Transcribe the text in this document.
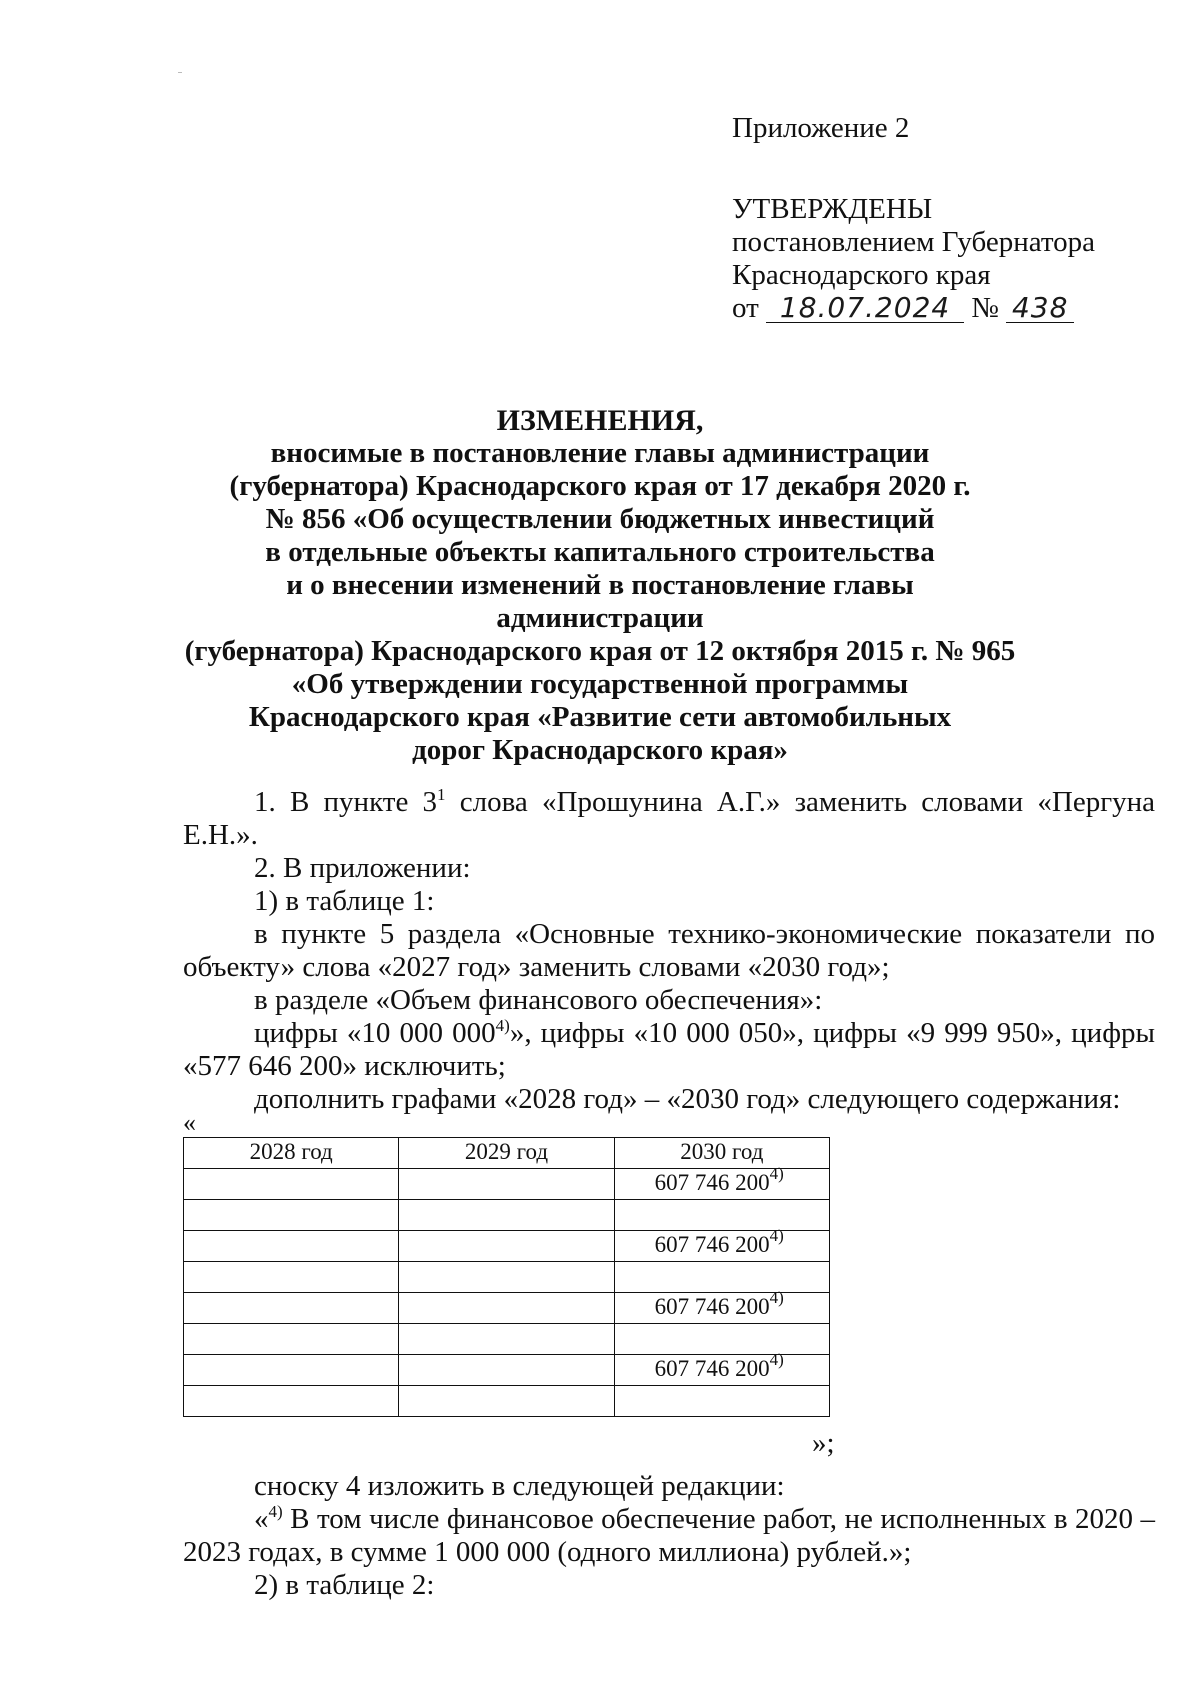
Приложение 2
УТВЕРЖДЕНЫ
постановлением Губернатора
Краснодарского края
от 18.07.2024 № 438
ИЗМЕНЕНИЯ,
вносимые в постановление главы администрации
(губернатора) Краснодарского края от 17 декабря 2020 г.
№ 856 «Об осуществлении бюджетных инвестиций
в отдельные объекты капитального строительства
и о внесении изменений в постановление главы администрации
(губернатора) Краснодарского края от 12 октября 2015 г. № 965
«Об утверждении государственной программы
Краснодарского края «Развитие сети автомобильных
дорог Краснодарского края»

1. В пункте $3^1$ слова «Прошунина А.Г.» заменить словами «Пергуна Е.Н.».

2. В приложении:

1) в таблице 1:

в пункте 5 раздела «Основные технико-экономические показатели по объекту» слова «2027 год» заменить словами «2030 год»;

в разделе «Объем финансового обеспечения»:

цифры «10 000 000$^{4)}$», цифры «10 000 050», цифры «9 999 950», цифры «577 646 200» исключить;

дополнить графами «2028 год» – «2030 год» следующего содержания:

«
2028 год	2029 год	2030 год
		607 746 200$^{4)}$

		607 746 200$^{4)}$

		607 746 200$^{4)}$

		607 746 200$^{4)}$

»;

сноску 4 изложить в следующей редакции:

«$^{4)}$ В том числе финансовое обеспечение работ, не исполненных в 2020 – 2023 годах, в сумме 1 000 000 (одного миллиона) рублей.»;

2) в таблице 2:
